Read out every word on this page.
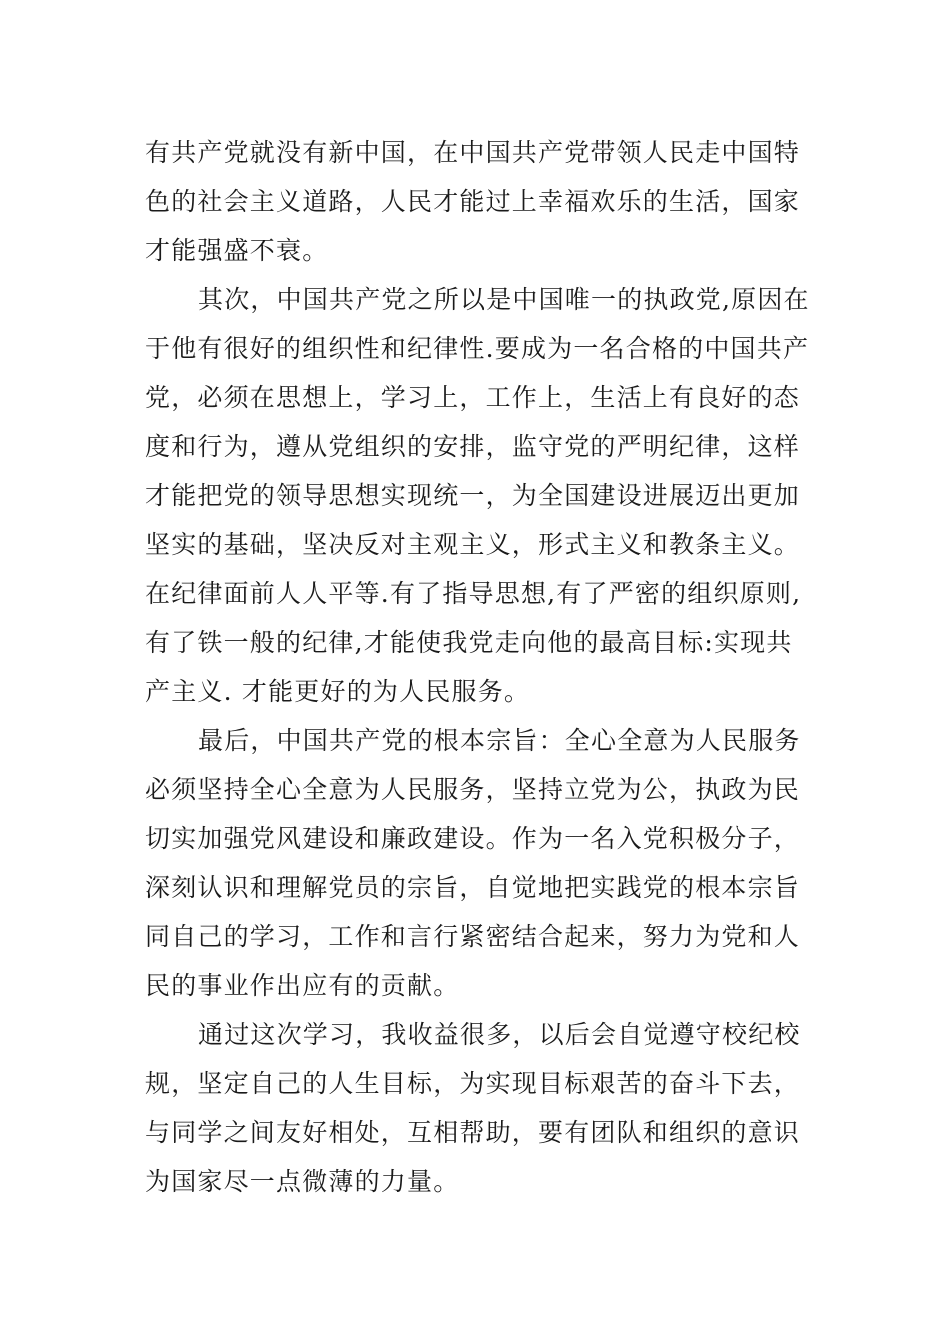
有共产党就没有新中国，在中国共产党带领人民走中国特
色的社会主义道路，人民才能过上幸福欢乐的生活，国家
才能强盛不衰。
其次，中国共产党之所以是中国唯一的执政党,原因在
于他有很好的组织性和纪律性.要成为一名合格的中国共产
党，必须在思想上，学习上，工作上，生活上有良好的态
度和行为，遵从党组织的安排，监守党的严明纪律，这样
才能把党的领导思想实现统一，为全国建设进展迈出更加
坚实的基础，坚决反对主观主义，形式主义和教条主义。
在纪律面前人人平等.有了指导思想,有了严密的组织原则,
有了铁一般的纪律,才能使我党走向他的最高目标:实现共
产主义. 才能更好的为人民服务。
最后，中国共产党的根本宗旨：全心全意为人民服务
必须坚持全心全意为人民服务，坚持立党为公，执政为民
切实加强党风建设和廉政建设。作为一名入党积极分子，
深刻认识和理解党员的宗旨，自觉地把实践党的根本宗旨
同自己的学习，工作和言行紧密结合起来，努力为党和人
民的事业作出应有的贡献。
通过这次学习，我收益很多，以后会自觉遵守校纪校
规，坚定自己的人生目标，为实现目标艰苦的奋斗下去，
与同学之间友好相处，互相帮助，要有团队和组织的意识
为国家尽一点微薄的力量。
